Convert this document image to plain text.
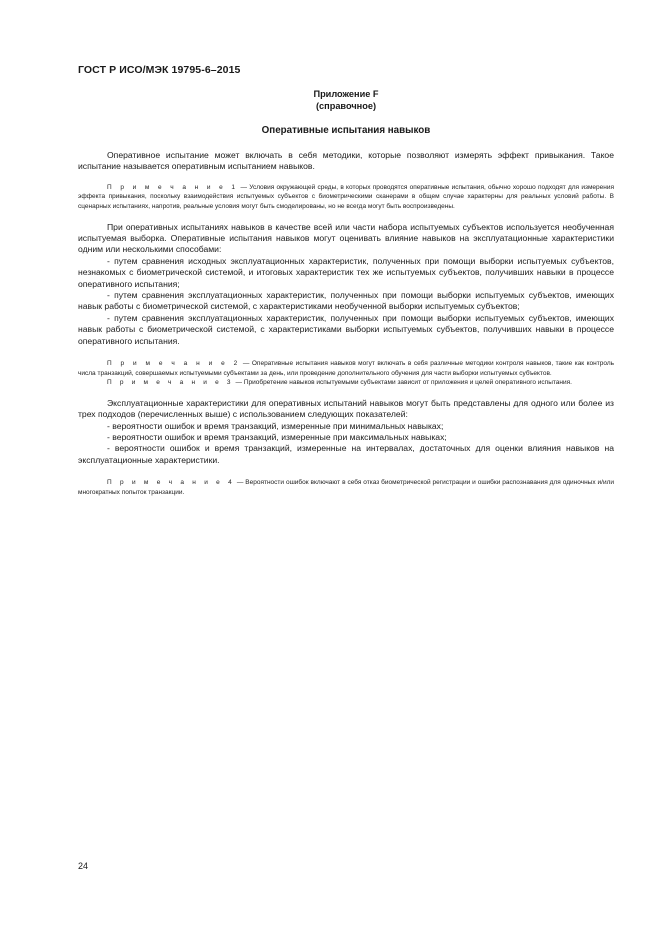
ГОСТ Р ИСО/МЭК 19795-6–2015
Приложение F
(справочное)
Оперативные испытания навыков

Оперативное испытание может включать в себя методики, которые позволяют измерять эффект привыкания. Такое испытание называется оперативным испытанием навыков.

П р и м е ч а н и е 1 — Условия окружающей среды, в которых проводятся оперативные испытания, обычно хорошо подходят для измерения эффекта привыкания, поскольку взаимодействия испытуемых субъектов с биометрическими сканерами в общем случае характерны для реальных условий работы. В сценарных испытаниях, напротив, реальные условия могут быть смоделированы, но не всегда могут быть воспроизведены.

При оперативных испытаниях навыков в качестве всей или части набора испытуемых субъектов используется необученная испытуемая выборка. Оперативные испытания навыков могут оценивать влияние навыков на эксплуатационные характеристики одним или несколькими способами:

- путем сравнения исходных эксплуатационных характеристик, полученных при помощи выборки испытуемых субъектов, незнакомых с биометрической системой, и итоговых характеристик тех же испытуемых субъектов, получивших навыки в процессе оперативного испытания;

- путем сравнения эксплуатационных характеристик, полученных при помощи выборки испытуемых субъектов, имеющих навык работы с биометрической системой, с характеристиками необученной выборки испытуемых субъектов;

- путем сравнения эксплуатационных характеристик, полученных при помощи выборки испытуемых субъектов, имеющих навык работы с биометрической системой, с характеристиками выборки испытуемых субъектов, получивших навыки в процессе оперативного испытания.

П р и м е ч а н и е 2 — Оперативные испытания навыков могут включать в себя различные методики контроля навыков, такие как контроль числа транзакций, совершаемых испытуемыми субъектами за день, или проведение дополнительного обучения для части выборки испытуемых субъектов.

П р и м е ч а н и е 3 — Приобретение навыков испытуемыми субъектами зависит от приложения и целей оперативного испытания.

Эксплуатационные характеристики для оперативных испытаний навыков могут быть представлены для одного или более из трех подходов (перечисленных выше) с использованием следующих показателей:

- вероятности ошибок и время транзакций, измеренные при минимальных навыках;

- вероятности ошибок и время транзакций, измеренные при максимальных навыках;

- вероятности ошибок и время транзакций, измеренные на интервалах, достаточных для оценки влияния навыков на эксплуатационные характеристики.

П р и м е ч а н и е 4 — Вероятности ошибок включают в себя отказ биометрической регистрации и ошибки распознавания для одиночных и/или многократных попыток транзакции.

24
